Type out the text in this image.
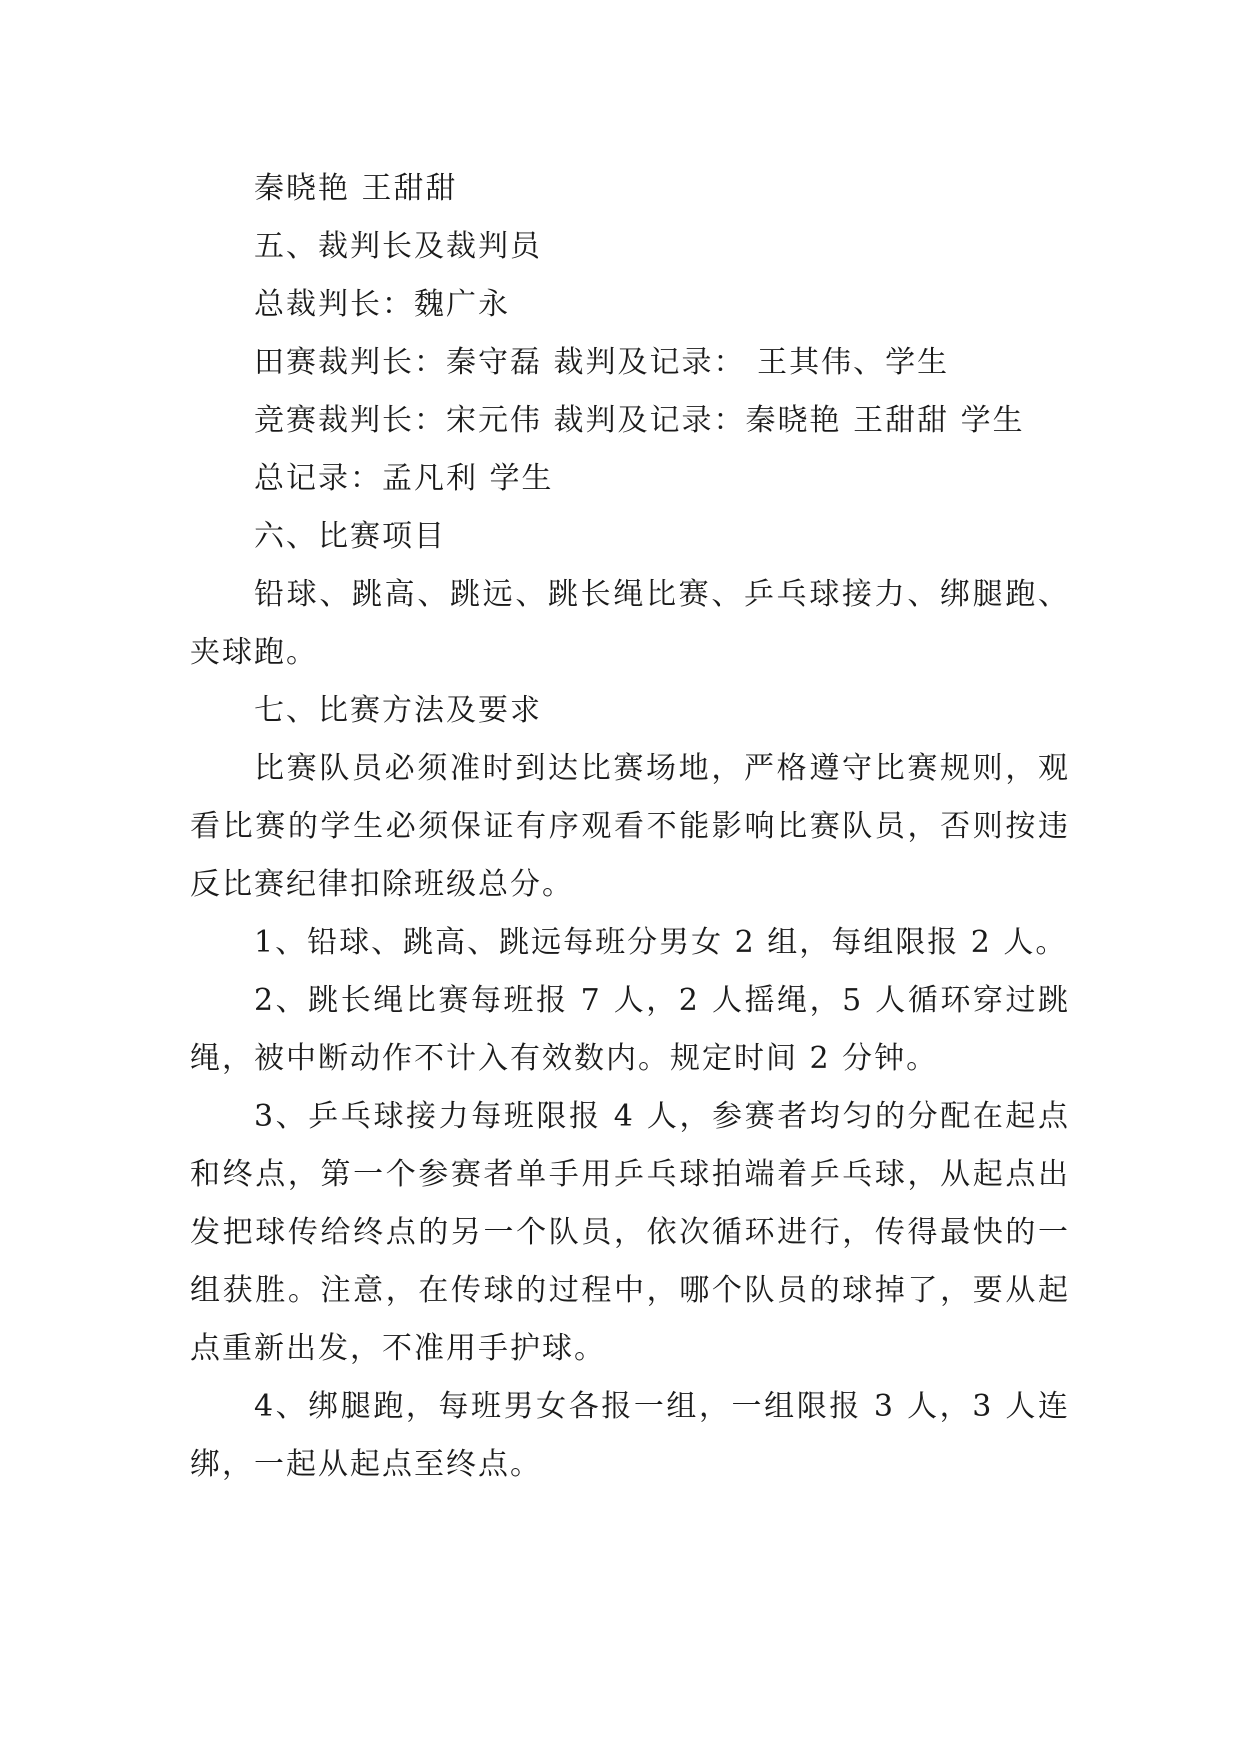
秦晓艳 王甜甜

五、裁判长及裁判员

总裁判长：魏广永

田赛裁判长：秦守磊 裁判及记录： 王其伟、学生

竞赛裁判长：宋元伟 裁判及记录：秦晓艳 王甜甜 学生

总记录：孟凡利 学生

六、比赛项目

铅球、跳高、跳远、跳长绳比赛、乒乓球接力、绑腿跑、夹球跑。

七、比赛方法及要求

比赛队员必须准时到达比赛场地，严格遵守比赛规则，观看比赛的学生必须保证有序观看不能影响比赛队员，否则按违反比赛纪律扣除班级总分。

1、铅球、跳高、跳远每班分男女 2 组，每组限报 2 人。

2、跳长绳比赛每班报 7 人，2 人摇绳，5 人循环穿过跳绳，被中断动作不计入有效数内。规定时间 2 分钟。

3、乒乓球接力每班限报 4 人，参赛者均匀的分配在起点和终点，第一个参赛者单手用乒乓球拍端着乒乓球，从起点出发把球传给终点的另一个队员，依次循环进行，传得最快的一组获胜。注意，在传球的过程中，哪个队员的球掉了，要从起点重新出发，不准用手护球。

4、绑腿跑，每班男女各报一组，一组限报 3 人，3 人连绑，一起从起点至终点。
